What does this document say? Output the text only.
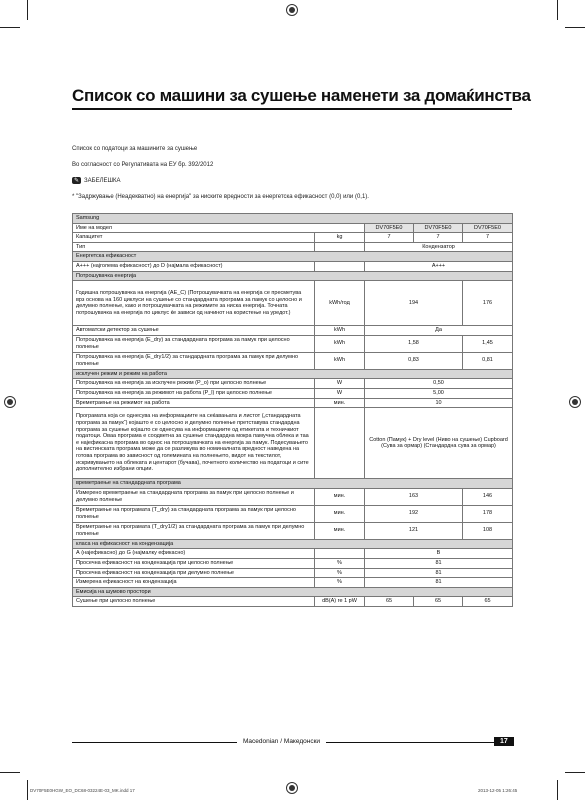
Список со машини за сушење наменети за домаќинства
Список со податоци за машините за сушење
Во согласност со Регулативата на ЕУ бр. 392/2012
✎ ЗАБЕЛЕШКА
* "Задржување (Неадекватно) на енергија" за ниските вредности за енергетска ефикасност (0,0) или (0,1).
Samsung				
Име на модел		DV70F5E0	DV70F5E0	DV70F5E0
Капацитет	kg	7	7	7
Тип		Кондензатор		
Енергетска ефикасност				
A+++ (најголема ефикасност) до D (најмала ефикасност)		A+++		
Потрошувачка енергија				
Годишна потрошувачка на енергија (AE_C) (Потрошувачката на енергија се пресметува врз основа на 160 циклуси на сушење со стандардната програма за памук со целосно и делумно полнење, како и потрошувачката на режимите за ниска енергија. Точната потрошувачка на енергија по циклус ќе зависи од начинот на користење на уредот.)	kWh/год	194		176
Автоматски детектор за сушење	kWh	Да		
Потрошувачка на енергија (E_dry) за стандардната програма за памук при целосно полнење	kWh	1,58		1,45
Потрошувачка на енергија (E_dry1/2) за стандардната програма за памук при делумно полнење	kWh	0,83		0,81
исклучен режим и режим на работа				
Потрошувачка на енергија за исклучен режим (P_o) при целосно полнење	W	0,50		
Потрошувачка на енергија за режимот на работа (P_l) при целосно полнење	W	5,00		
Времетраење на режимот на работа	мин.	10		
Програмата која се однесува на информациите на сеќавањата и листот („стандардната програма за памук“) којашто е со целосно и делумно полнење претставува стандардна програма за сушење којашто се однесува на информациите од етикетата и техничкиот податоци. Оваа програма е соодветна за сушење стандардна мокра памучна облека и таа е најефикасна програма во однос на потрошувачката на енергија за памук. Подесувањето на вистинската програма може да се разликува во номиналната вредност наведена на готова програма во зависност од големината на полнењето, видот на текстилот, искривувањето на облеката и центарот (бучава), почетното количество на податоци и сите дополнително избрани опции.		Cotton (Памук) + Dry level (Ниво на сушење) Cupboard (Сува за ормар) (Стандардна сува за ормар)		
времетраење на стандардната програма				
Измерено времетраење на стандардната програма за памук при целосно полнење и делумно полнење	мин.	163		146
Времетраење на програмата (T_dry) за стандардната програма за памук при целосно полнење	мин.	192		178
Времетраење на програмата (T_dry1/2) за стандардната програма за памук при делумно полнење	мин.	121		108
класа на ефикасност на кондензација				
А (најефикасно) до G (најмалку ефикасно)		B		
Просечна ефикасност на кондензација при целосно полнење	%	81		
Просечна ефикасност на кондензација при делумно полнење	%	81		
Измерена ефикасност на кондензација	%	81		
Емисија на шумово простори				
Сушење при целосно полнење	dB(A) re 1 pW	65	65	65
Macedonian / Македонски	17
DV70F5E0HGW_EO_DC68-03224E-03_MK.indd 17	2013-12-05 1:26:45
